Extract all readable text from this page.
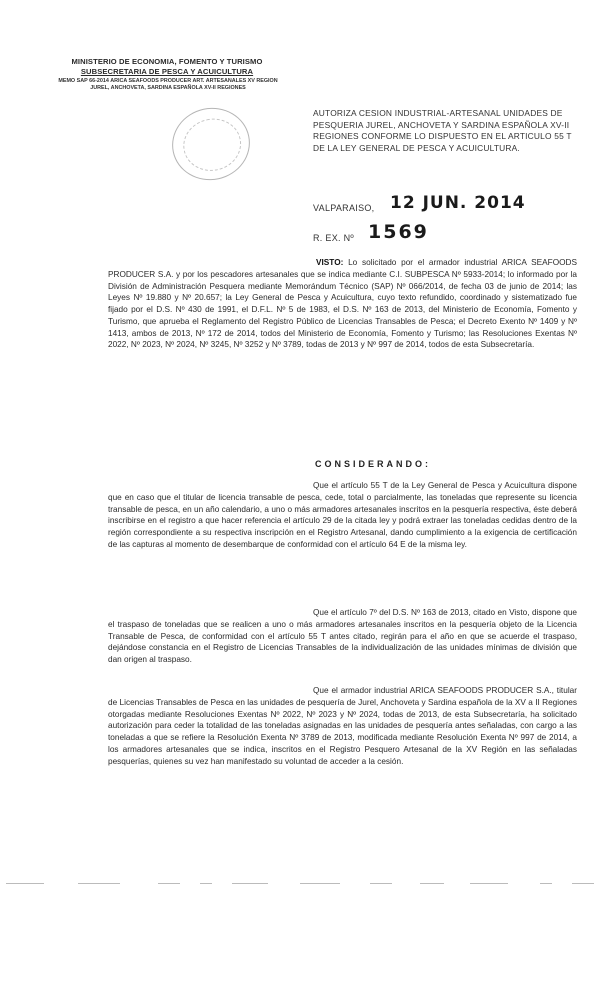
MINISTERIO DE ECONOMIA, FOMENTO Y TURISMO
SUBSECRETARIA DE PESCA Y ACUICULTURA
MEMO SAP 66-2014 ARICA SEAFOODS PRODUCER ART. ARTESANALES XV REGION
JUREL, ANCHOVETA, SARDINA ESPAÑOLA XV-II REGIONES
AUTORIZA CESION INDUSTRIAL-ARTESANAL UNIDADES DE PESQUERIA JUREL, ANCHOVETA Y SARDINA ESPAÑOLA XV-II REGIONES CONFORME LO DISPUESTO EN EL ARTICULO 55 T DE LA LEY GENERAL DE PESCA Y ACUICULTURA.
VALPARAISO, 12 JUN. 2014
R. EX. Nº 1569
VISTO: Lo solicitado por el armador industrial ARICA SEAFOODS PRODUCER S.A. y por los pescadores artesanales que se indica mediante C.I. SUBPESCA Nº 5933-2014; lo informado por la División de Administración Pesquera mediante Memorándum Técnico (SAP) Nº 066/2014, de fecha 03 de junio de 2014; las Leyes Nº 19.880 y Nº 20.657; la Ley General de Pesca y Acuicultura, cuyo texto refundido, coordinado y sistematizado fue fijado por el D.S. Nº 430 de 1991, el D.F.L. Nº 5 de 1983, el D.S. Nº 163 de 2013, del Ministerio de Economía, Fomento y Turismo, que aprueba el Reglamento del Registro Público de Licencias Transables de Pesca; el Decreto Exento Nº 1409 y Nº 1413, ambos de 2013, Nº 172 de 2014, todos del Ministerio de Economía, Fomento y Turismo; las Resoluciones Exentas Nº 2022, Nº 2023, Nº 2024, Nº 3245, Nº 3252 y Nº 3789, todas de 2013 y Nº 997 de 2014, todos de esta Subsecretaría.
CONSIDERANDO:
Que el artículo 55 T de la Ley General de Pesca y Acuicultura dispone que en caso que el titular de licencia transable de pesca, cede, total o parcialmente, las toneladas que represente su licencia transable de pesca, en un año calendario, a uno o más armadores artesanales inscritos en la pesquería respectiva, éste deberá inscribirse en el registro a que hacer referencia el artículo 29 de la citada ley y podrá extraer las toneladas cedidas dentro de la región correspondiente a su respectiva inscripción en el Registro Artesanal, dando cumplimiento a la exigencia de certificación de las capturas al momento de desembarque de conformidad con el artículo 64 E de la misma ley.
Que el artículo 7º del D.S. Nº 163 de 2013, citado en Visto, dispone que el traspaso de toneladas que se realicen a uno o más armadores artesanales inscritos en la pesquería objeto de la Licencia Transable de Pesca, de conformidad con el artículo 55 T antes citado, regirán para el año en que se acuerde el traspaso, dejándose constancia en el Registro de Licencias Transables de la individualización de las unidades mínimas de división que dan origen al traspaso.
Que el armador industrial ARICA SEAFOODS PRODUCER S.A., titular de Licencias Transables de Pesca en las unidades de pesquería de Jurel, Anchoveta y Sardina española de la XV a II Regiones otorgadas mediante Resoluciones Exentas Nº 2022, Nº 2023 y Nº 2024, todas de 2013, de esta Subsecretaría, ha solicitado autorización para ceder la totalidad de las toneladas asignadas en las unidades de pesquería antes señaladas, con cargo a las toneladas a que se refiere la Resolución Exenta Nº 3789 de 2013, modificada mediante Resolución Exenta Nº 997 de 2014, a los armadores artesanales que se indica, inscritos en el Registro Pesquero Artesanal de la XV Región en las señaladas pesquerías, quienes su vez han manifestado su voluntad de acceder a la cesión.
